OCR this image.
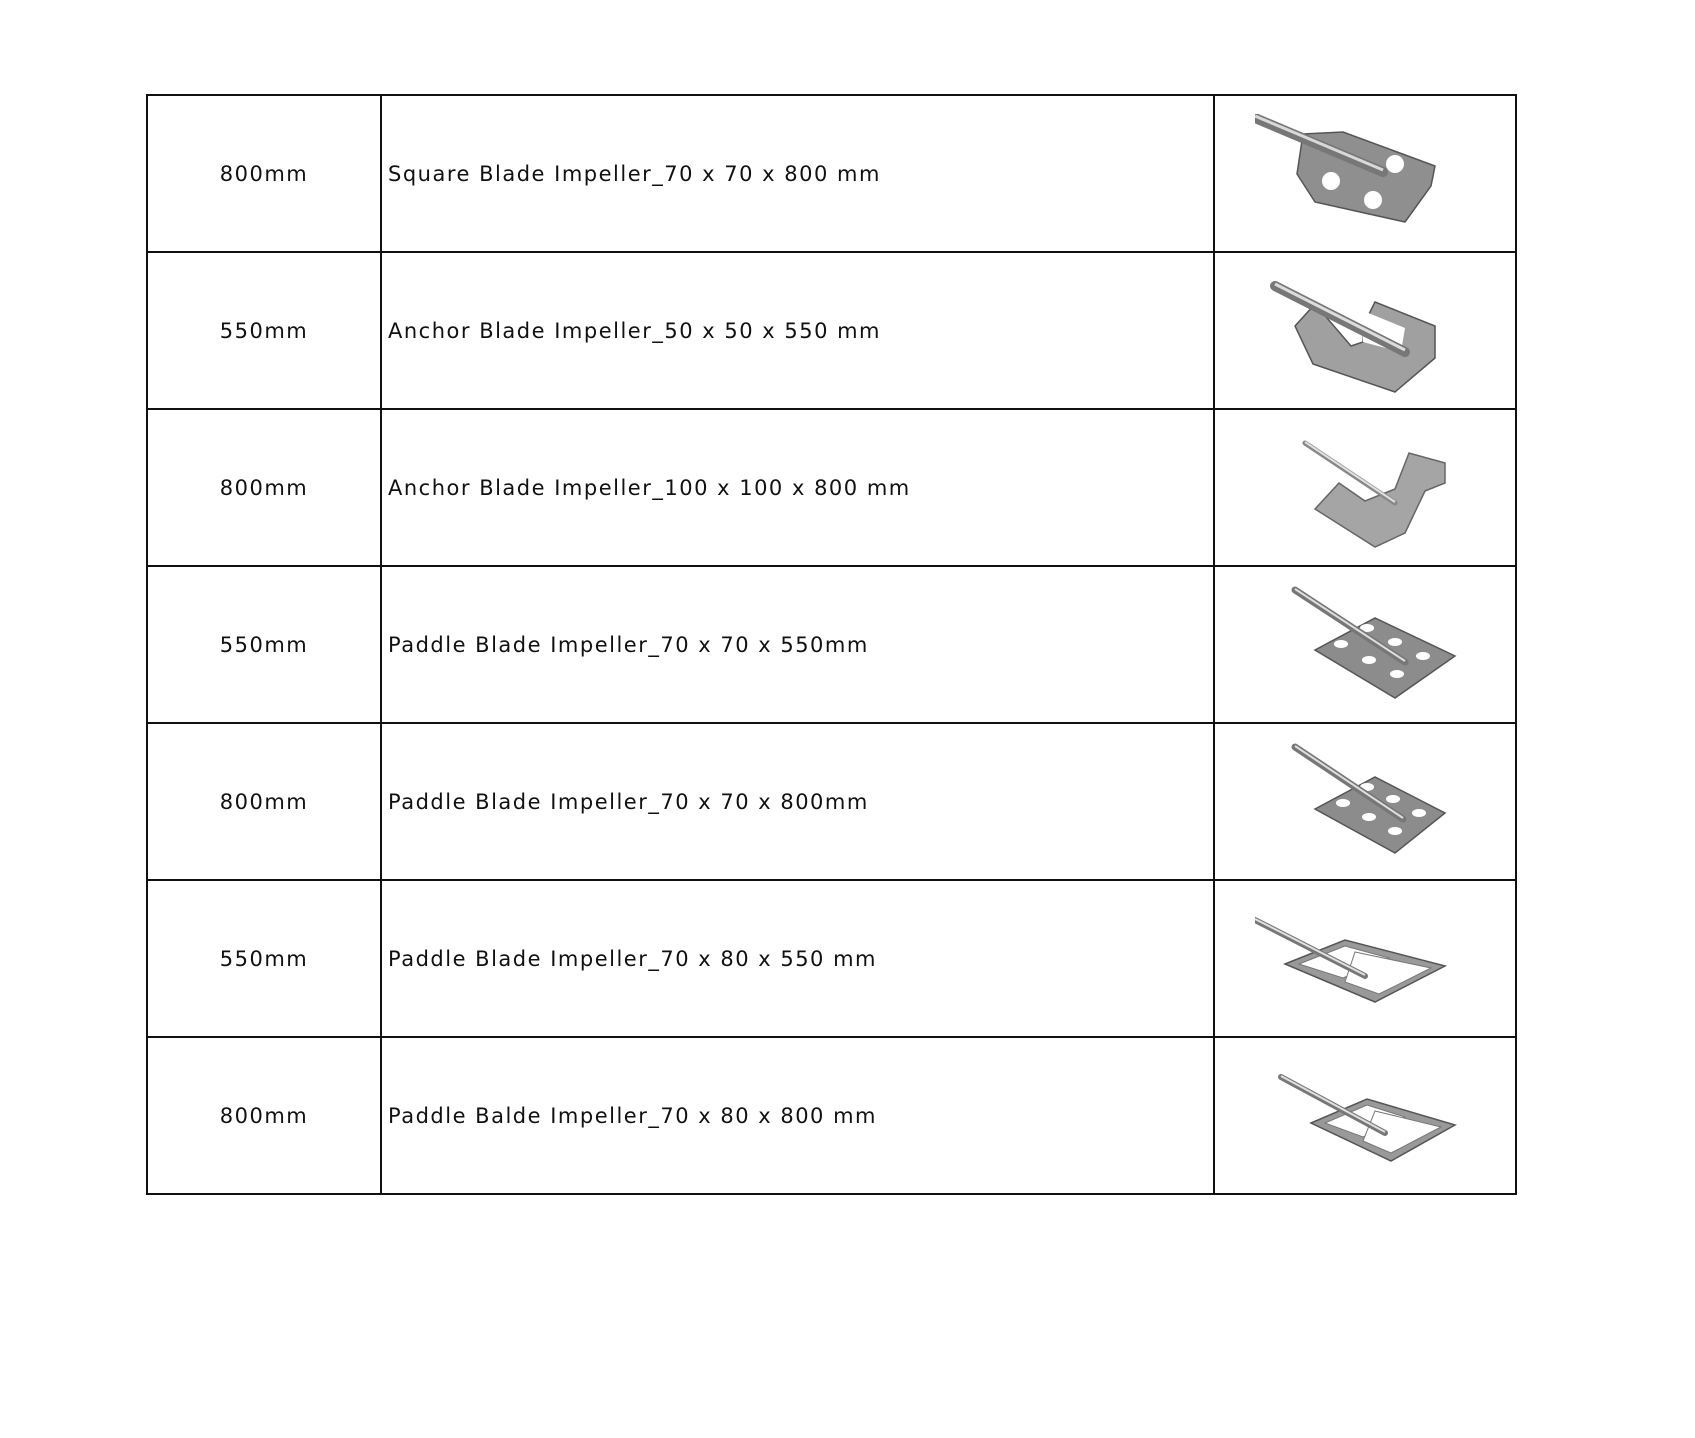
800mm	Square Blade Impeller_70 x 70 x 800 mm	

550mm	Anchor Blade Impeller_50 x 50 x 550 mm	

800mm	Anchor Blade Impeller_100 x 100 x 800 mm	

550mm	Paddle Blade Impeller_70 x 70 x 550mm	

800mm	Paddle Blade Impeller_70 x 70 x 800mm	

550mm	Paddle Blade Impeller_70 x 80 x 550 mm	

800mm	Paddle Balde Impeller_70 x 80 x 800 mm	
